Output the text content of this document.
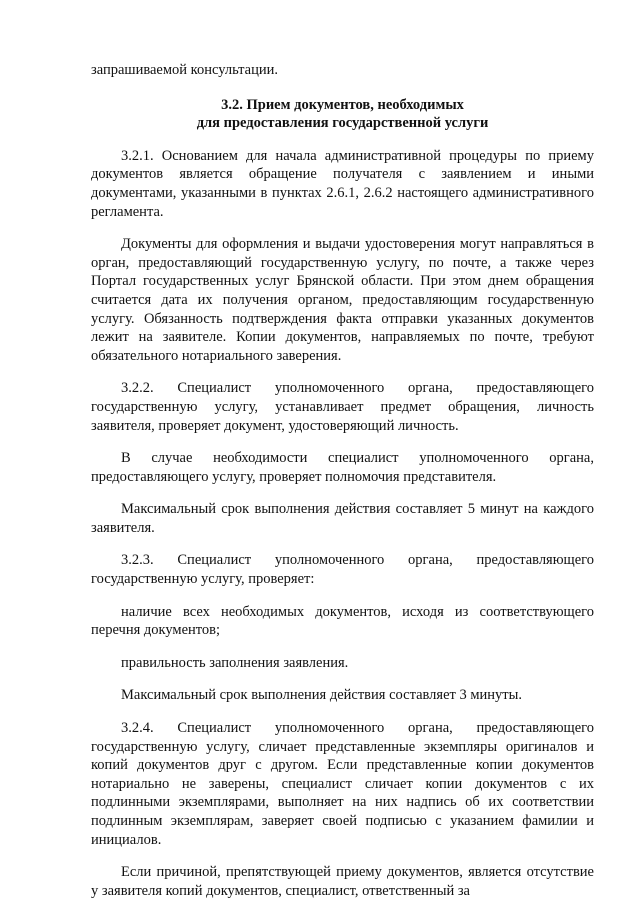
запрашиваемой консультации.

3.2. Прием документов, необходимых
для предоставления государственной услуги

3.2.1. Основанием для начала административной процедуры по приему документов является обращение получателя с заявлением и иными документами, указанными в пунктах 2.6.1, 2.6.2 настоящего административного регламента.

Документы для оформления и выдачи удостоверения могут направляться в орган, предоставляющий государственную услугу, по почте, а также через Портал государственных услуг Брянской области. При этом днем обращения считается дата их получения органом, предоставляющим государственную услугу. Обязанность подтверждения факта отправки указанных документов лежит на заявителе. Копии документов, направляемых по почте, требуют обязательного нотариального заверения.

3.2.2. Специалист уполномоченного органа, предоставляющего государственную услугу, устанавливает предмет обращения, личность заявителя, проверяет документ, удостоверяющий личность.

В случае необходимости специалист уполномоченного органа, предоставляющего услугу, проверяет полномочия представителя.

Максимальный срок выполнения действия составляет 5 минут на каждого заявителя.

3.2.3. Специалист уполномоченного органа, предоставляющего государственную услугу, проверяет:

наличие всех необходимых документов, исходя из соответствующего перечня документов;

правильность заполнения заявления.

Максимальный срок выполнения действия составляет 3 минуты.

3.2.4. Специалист уполномоченного органа, предоставляющего государственную услугу, сличает представленные экземпляры оригиналов и копий документов друг с другом. Если представленные копии документов нотариально не заверены, специалист сличает копии документов с их подлинными экземплярами, выполняет на них надпись об их соответствии подлинным экземплярам, заверяет своей подписью с указанием фамилии и инициалов.

Если причиной, препятствующей приему документов, является отсутствие у заявителя копий документов, специалист, ответственный за
